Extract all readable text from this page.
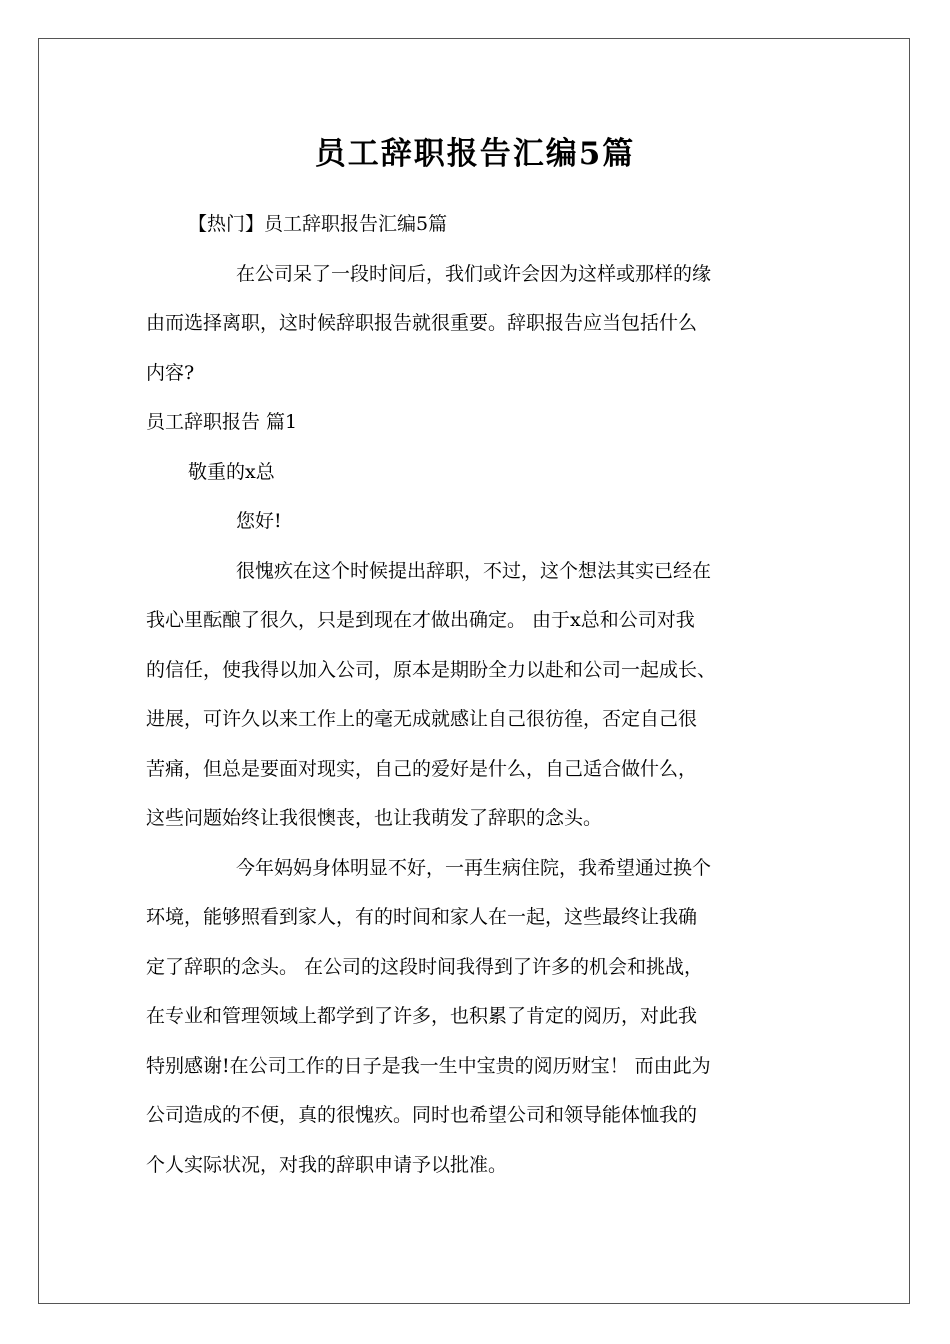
员工辞职报告汇编5篇
【热门】员工辞职报告汇编5篇
在公司呆了一段时间后，我们或许会因为这样或那样的缘
由而选择离职，这时候辞职报告就很重要。辞职报告应当包括什么
内容?
员工辞职报告 篇1
敬重的x总
您好!
很愧疚在这个时候提出辞职，不过，这个想法其实已经在
我心里酝酿了很久，只是到现在才做出确定。 由于x总和公司对我
的信任，使我得以加入公司，原本是期盼全力以赴和公司一起成长、
进展，可许久以来工作上的毫无成就感让自己很彷徨，否定自己很
苦痛，但总是要面对现实，自己的爱好是什么，自己适合做什么，
这些问题始终让我很懊丧，也让我萌发了辞职的念头。
今年妈妈身体明显不好，一再生病住院，我希望通过换个
环境，能够照看到家人，有的时间和家人在一起，这些最终让我确
定了辞职的念头。 在公司的这段时间我得到了许多的机会和挑战，
在专业和管理领域上都学到了许多，也积累了肯定的阅历，对此我
特别感谢!在公司工作的日子是我一生中宝贵的阅历财宝！ 而由此为
公司造成的不便，真的很愧疚。同时也希望公司和领导能体恤我的
个人实际状况，对我的辞职申请予以批准。
